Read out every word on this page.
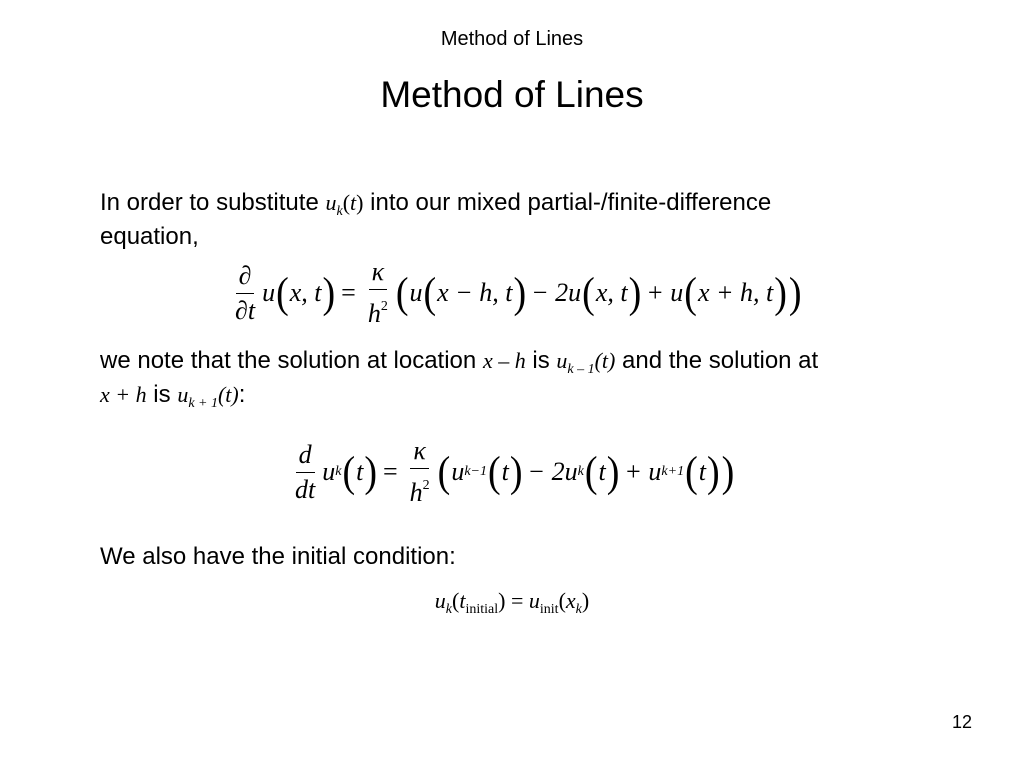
Method of Lines
Method of Lines
In order to substitute $u_k(t)$ into our mixed partial-/finite-difference
equation,
$\frac{\partial}{\partial t}$ u ( x, t ) = $\frac{\kappa}{h^2}$ ( u ( x − h, t ) − 2u ( x, t ) + u ( x + h, t ) )
we note that the solution at location x – h is $u_{k - 1}(t)$ and the solution at
x + h is $u_{k + 1}(t)$:
$\frac{d}{dt}$ u k ( t ) = $\frac{\kappa}{h^2}$ ( u k−1 ( t ) − 2u k ( t ) + u k+1 ( t ) )
We also have the initial condition:
$u_k(t_{initial}) = u_{init}(x_k)$
12
